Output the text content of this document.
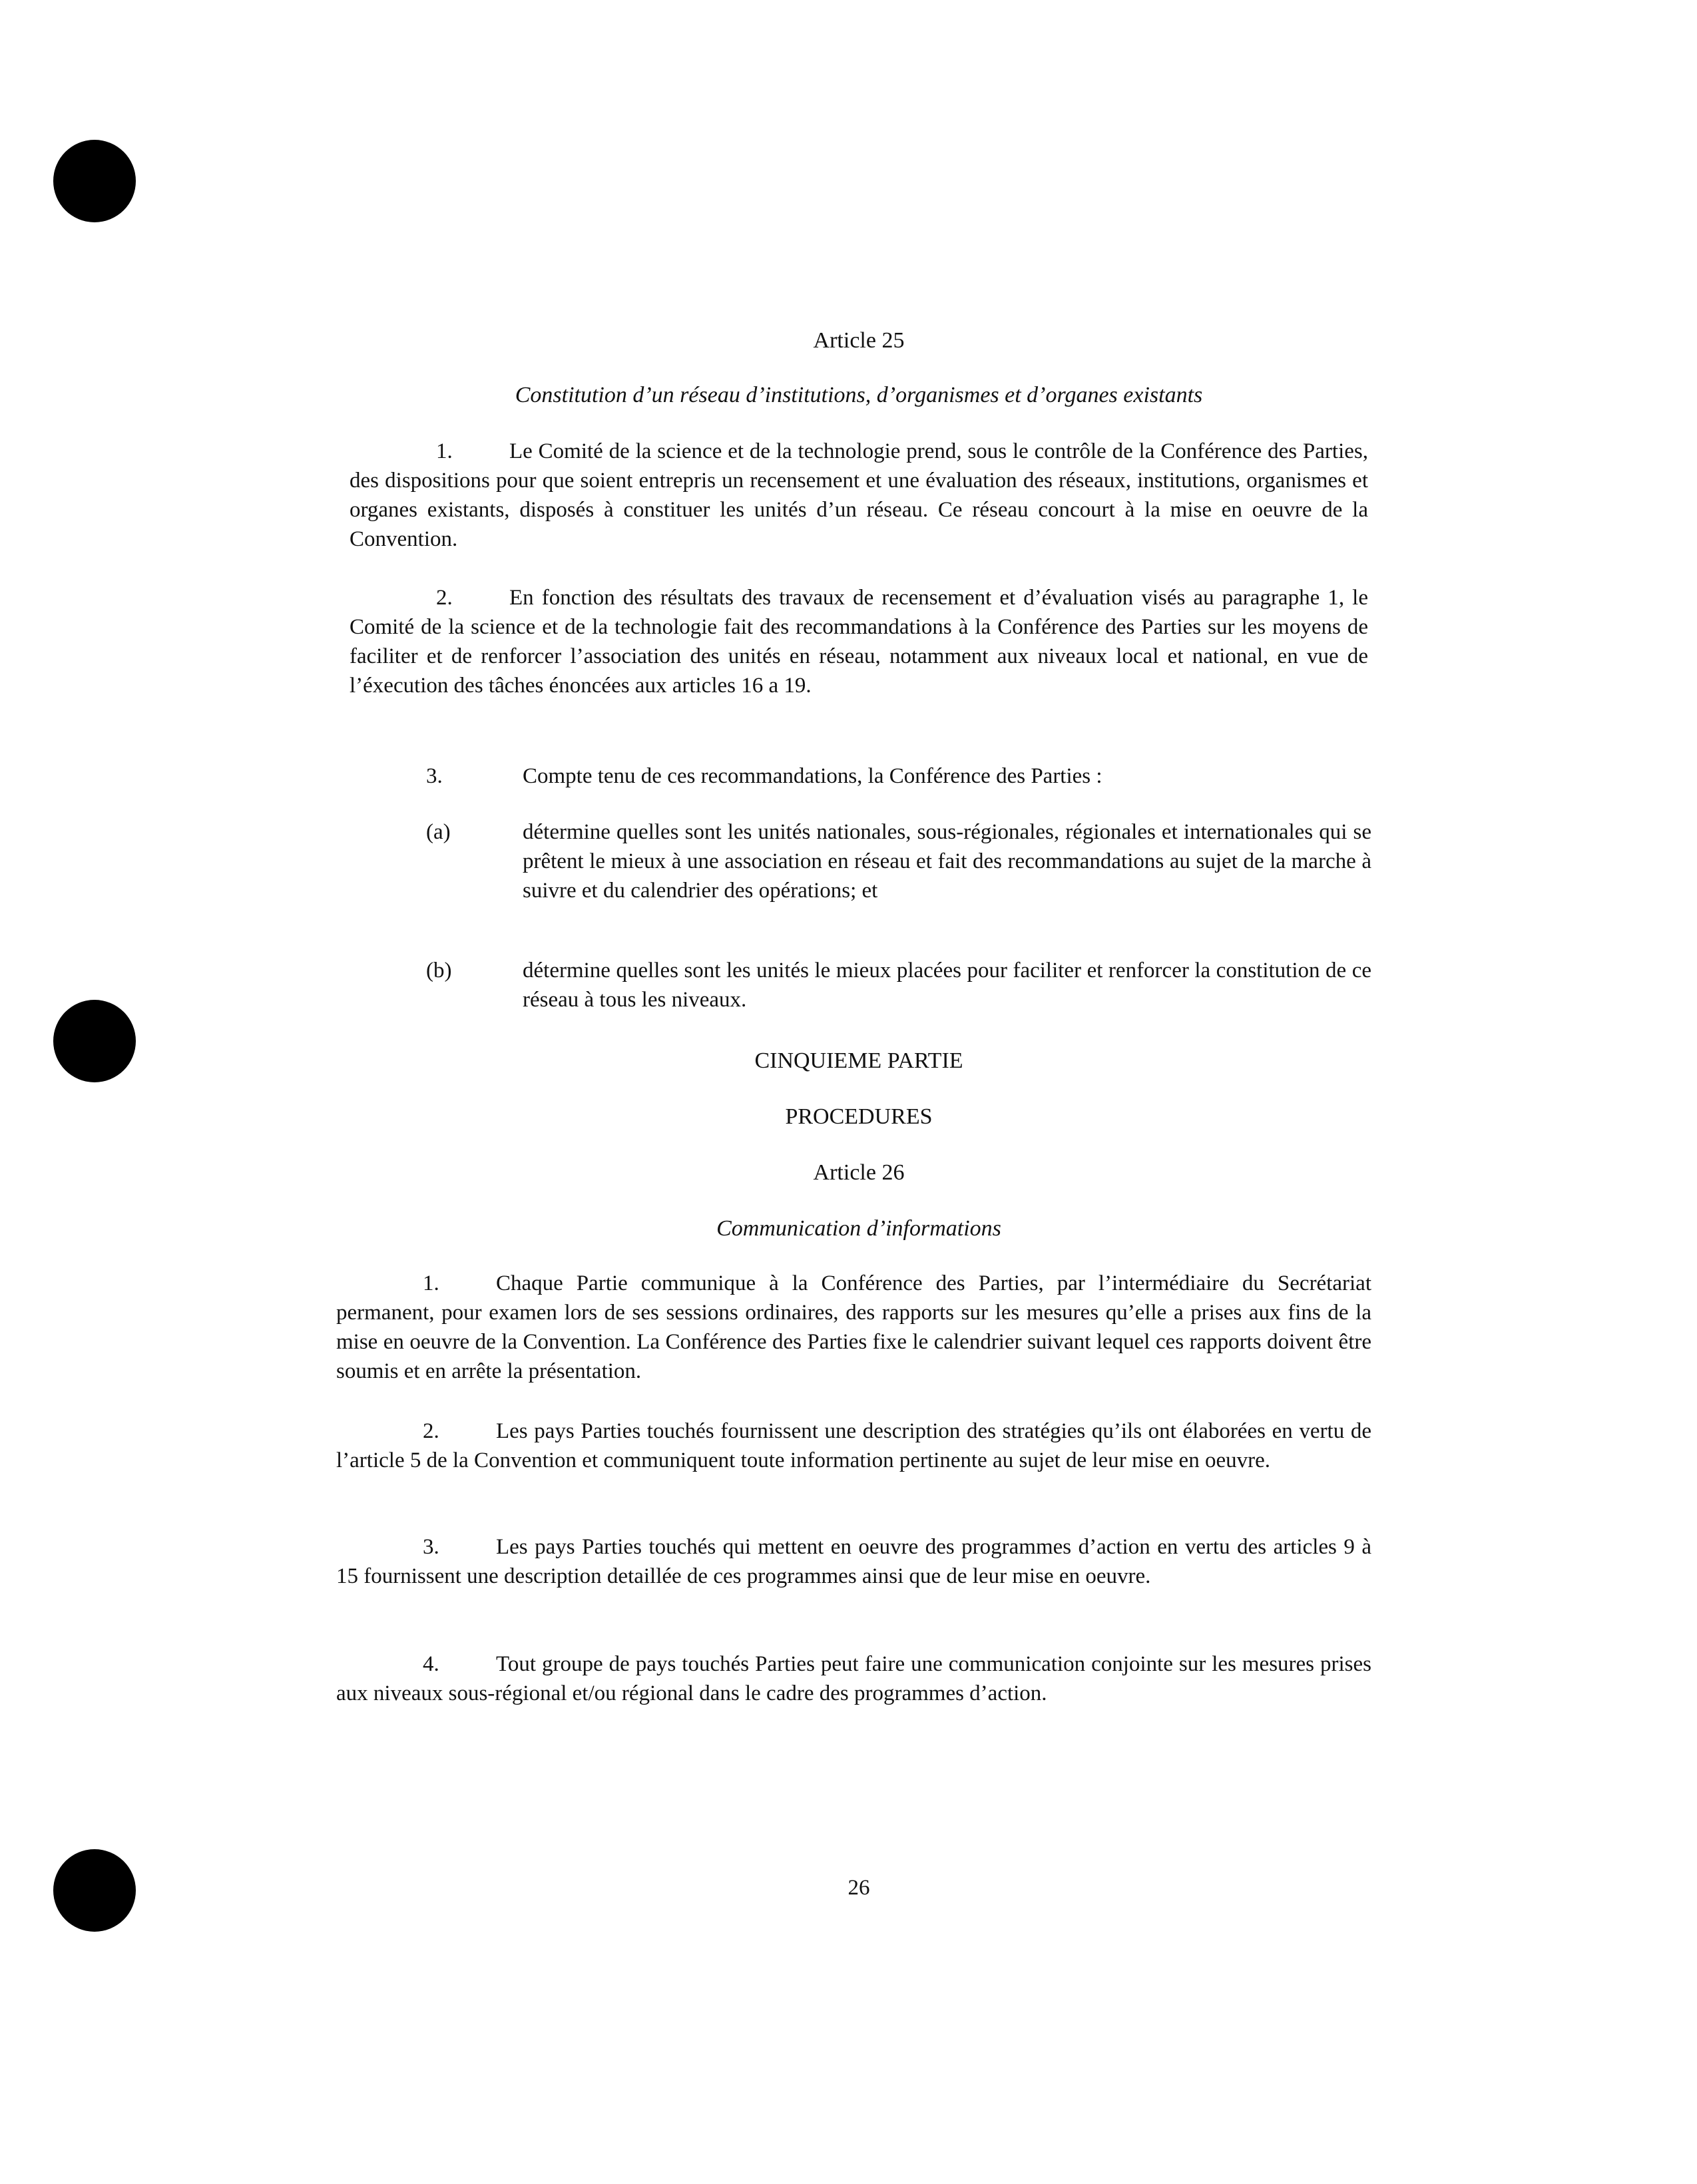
Article 25
Constitution d’un réseau d’institutions, d’organismes et d’organes existants
1.	Le Comité de la science et de la technologie prend, sous le contrôle de la Conférence des Parties, des dispositions pour que soient entrepris un recensement et une évaluation des réseaux, institutions, organismes et organes existants, disposés à constituer les unités d’un réseau. Ce réseau concourt à la mise en oeuvre de la Convention.
2.	En fonction des résultats des travaux de recensement et d’évaluation visés au paragraphe 1, le Comité de la science et de la technologie fait des recommandations à la Conférence des Parties sur les moyens de faciliter et de renforcer l’association des unités en réseau, notamment aux niveaux local et national, en vue de l’éxecution des tâches énoncées aux articles 16 a 19.
3.	Compte tenu de ces recommandations, la Conférence des Parties :
(a)	détermine quelles sont les unités nationales, sous-régionales, régionales et internationales qui se prêtent le mieux à une association en réseau et fait des recommandations au sujet de la marche à suivre et du calendrier des opérations; et
(b)	détermine quelles sont les unités le mieux placées pour faciliter et renforcer la constitution de ce réseau à tous les niveaux.
CINQUIEME PARTIE
PROCEDURES
Article 26
Communication d’informations
1.	Chaque Partie communique à la Conférence des Parties, par l’intermédiaire du Secrétariat permanent, pour examen lors de ses sessions ordinaires, des rapports sur les mesures qu’elle a prises aux fins de la mise en oeuvre de la Convention. La Conférence des Parties fixe le calendrier suivant lequel ces rapports doivent être soumis et en arrête la présentation.
2.	Les pays Parties touchés fournissent une description des stratégies qu’ils ont élaborées en vertu de l’article 5 de la Convention et communiquent toute information pertinente au sujet de leur mise en oeuvre.
3.	Les pays Parties touchés qui mettent en oeuvre des programmes d’action en vertu des articles 9 à 15 fournissent une description detaillée de ces programmes ainsi que de leur mise en oeuvre.
4.	Tout groupe de pays touchés Parties peut faire une communication conjointe sur les mesures prises aux niveaux sous-régional et/ou régional dans le cadre des programmes d’action.
26
